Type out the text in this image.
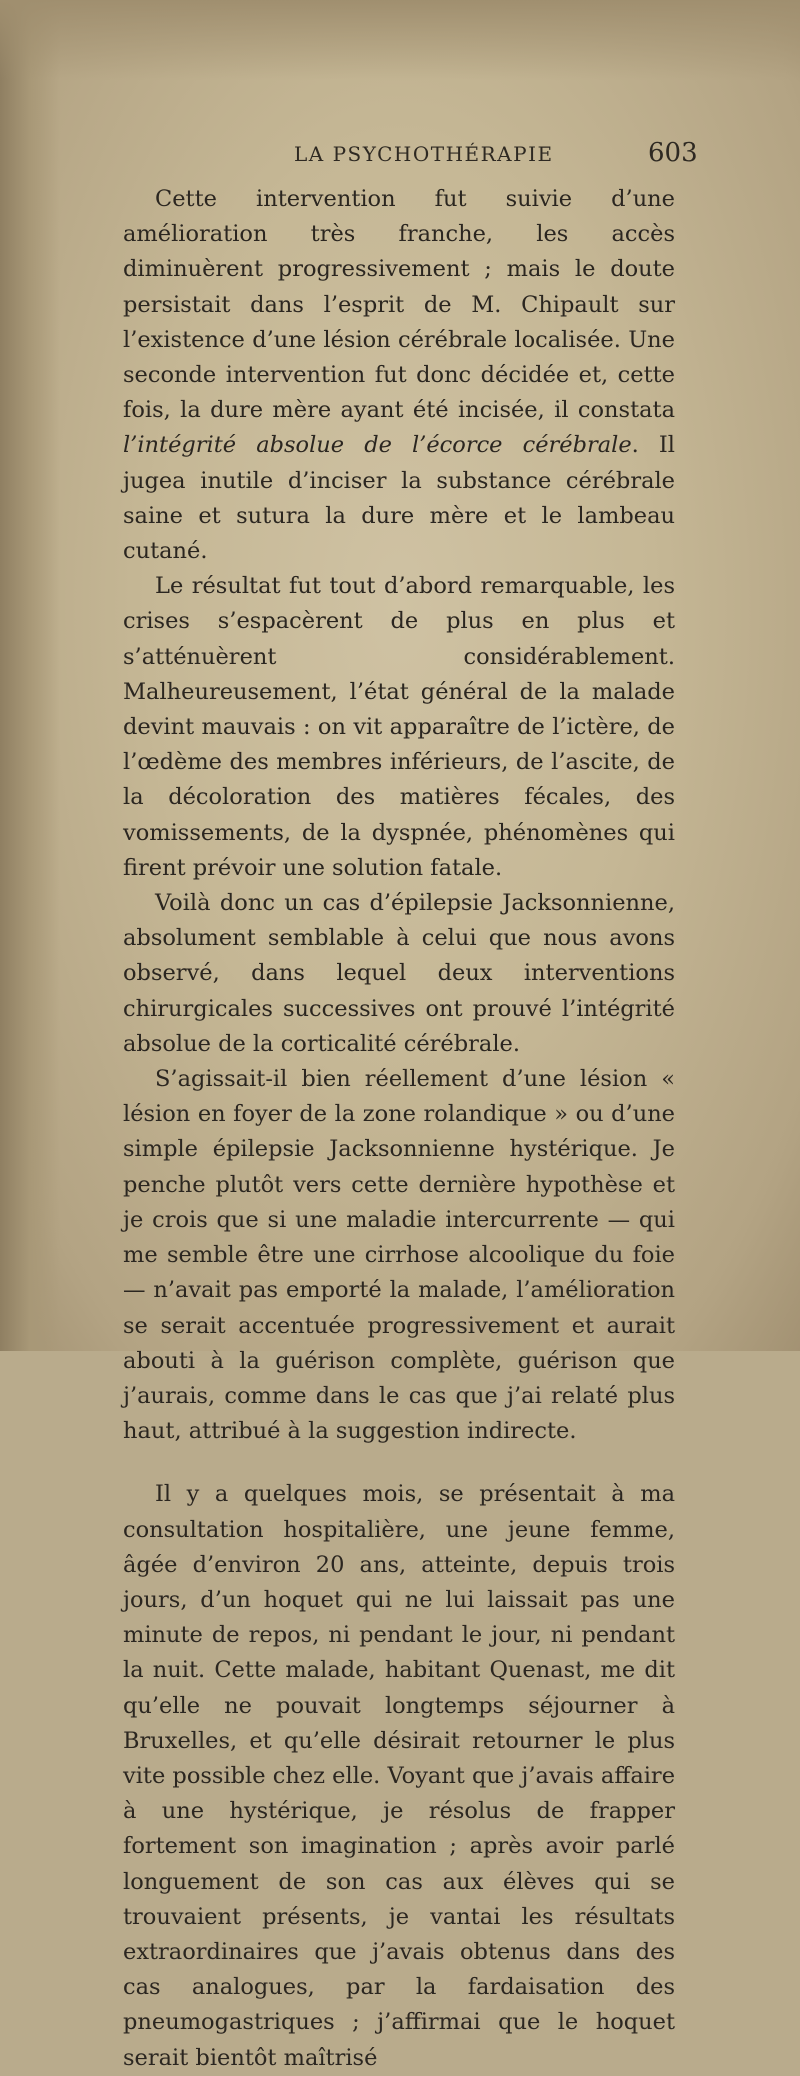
LA PSYCHOTHÉRAPIE	603

Cette intervention fut suivie d’une amélioration très franche, les accès diminuèrent progressivement ; mais le doute persistait dans l’esprit de M. Chipault sur l’existence d’une lésion cérébrale localisée. Une seconde intervention fut donc décidée et, cette fois, la dure mère ayant été incisée, il constata l’intégrité absolue de l’écorce cérébrale. Il jugea inutile d’inciser la substance cérébrale saine et sutura la dure mère et le lambeau cutané.

Le résultat fut tout d’abord remarquable, les crises s’espacèrent de plus en plus et s’atténuèrent considérablement. Malheureusement, l’état général de la malade devint mauvais : on vit apparaître de l’ictère, de l’œdème des membres inférieurs, de l’ascite, de la décoloration des matières fécales, des vomissements, de la dyspnée, phénomènes qui firent prévoir une solution fatale.

Voilà donc un cas d’épilepsie Jacksonnienne, absolument semblable à celui que nous avons observé, dans lequel deux interventions chirurgicales successives ont prouvé l’intégrité absolue de la corticalité cérébrale.

S’agissait-il bien réellement d’une lésion « lésion en foyer de la zone rolandique » ou d’une simple épilepsie Jacksonnienne hystérique. Je penche plutôt vers cette dernière hypothèse et je crois que si une maladie intercurrente — qui me semble être une cirrhose alcoolique du foie — n’avait pas emporté la malade, l’amélioration se serait accentuée progressivement et aurait abouti à la guérison complète, guérison que j’aurais, comme dans le cas que j’ai relaté plus haut, attribué à la suggestion indirecte.

Il y a quelques mois, se présentait à ma consultation hospitalière, une jeune femme, âgée d’environ 20 ans, atteinte, depuis trois jours, d’un hoquet qui ne lui laissait pas une minute de repos, ni pendant le jour, ni pendant la nuit. Cette malade, habitant Quenast, me dit qu’elle ne pouvait longtemps séjourner à Bruxelles, et qu’elle désirait retourner le plus vite possible chez elle. Voyant que j’avais affaire à une hystérique, je résolus de frapper fortement son imagination ; après avoir parlé longuement de son cas aux élèves qui se trouvaient présents, je vantai les résultats extraordinaires que j’avais obtenus dans des cas analogues, par la fardaisation des pneumogastriques ; j’affirmai que le hoquet serait bientôt maîtrisé
